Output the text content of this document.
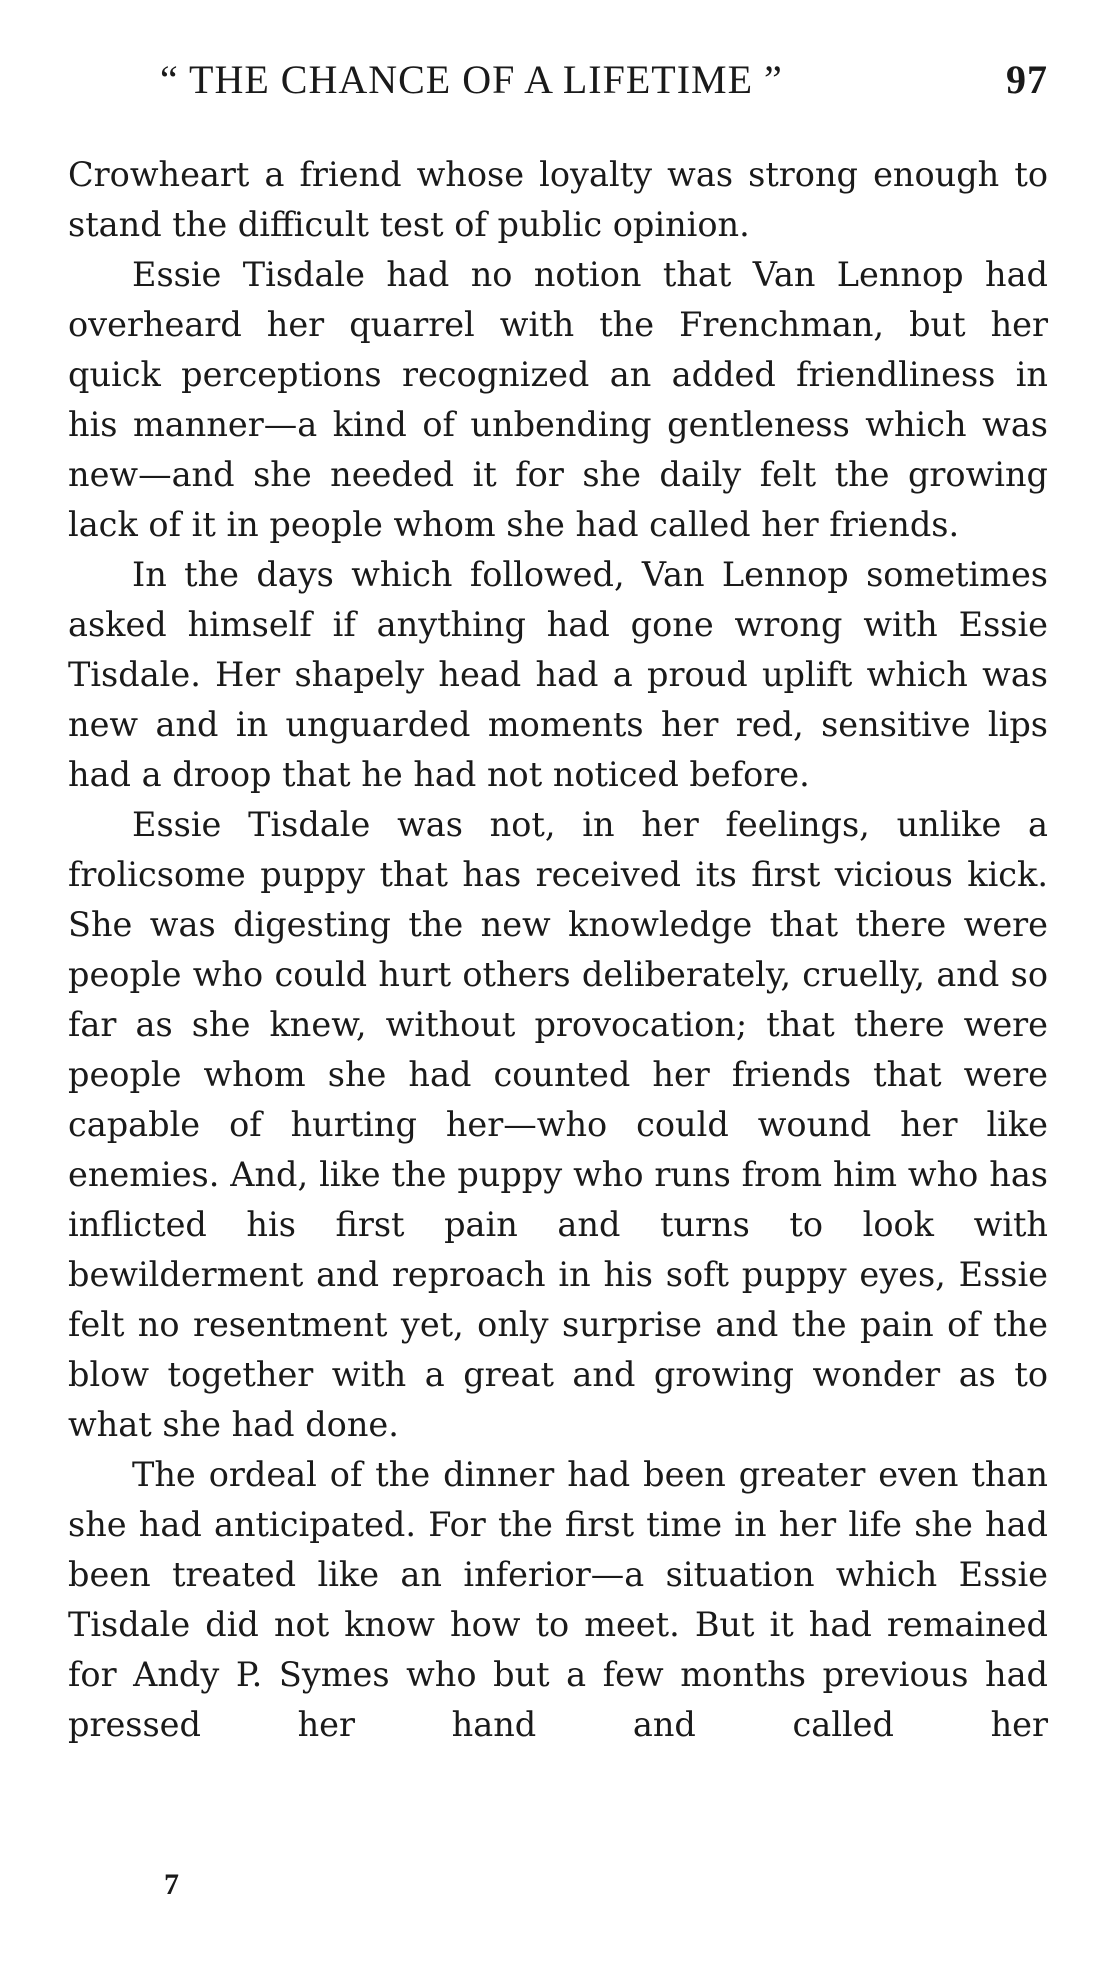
“ THE CHANCE OF A LIFETIME ”	97

Crowheart a friend whose loyalty was strong enough to stand the difficult test of public opinion.

Essie Tisdale had no notion that Van Lennop had overheard her quarrel with the Frenchman, but her quick perceptions recognized an added friendliness in his manner—a kind of unbending gentleness which was new—and she needed it for she daily felt the growing lack of it in people whom she had called her friends.

In the days which followed, Van Lennop sometimes asked himself if anything had gone wrong with Essie Tisdale. Her shapely head had a proud uplift which was new and in unguarded moments her red, sensitive lips had a droop that he had not noticed before.

Essie Tisdale was not, in her feelings, unlike a frolicsome puppy that has received its first vicious kick. She was digesting the new knowledge that there were people who could hurt others deliberately, cruelly, and so far as she knew, without provocation; that there were people whom she had counted her friends that were capable of hurting her—who could wound her like enemies. And, like the puppy who runs from him who has inflicted his first pain and turns to look with bewilderment and reproach in his soft puppy eyes, Essie felt no resentment yet, only surprise and the pain of the blow together with a great and growing wonder as to what she had done.

The ordeal of the dinner had been greater even than she had anticipated. For the first time in her life she had been treated like an inferior—a situation which Essie Tisdale did not know how to meet. But it had remained for Andy P. Symes who but a few months previous had pressed her hand and called her

7
